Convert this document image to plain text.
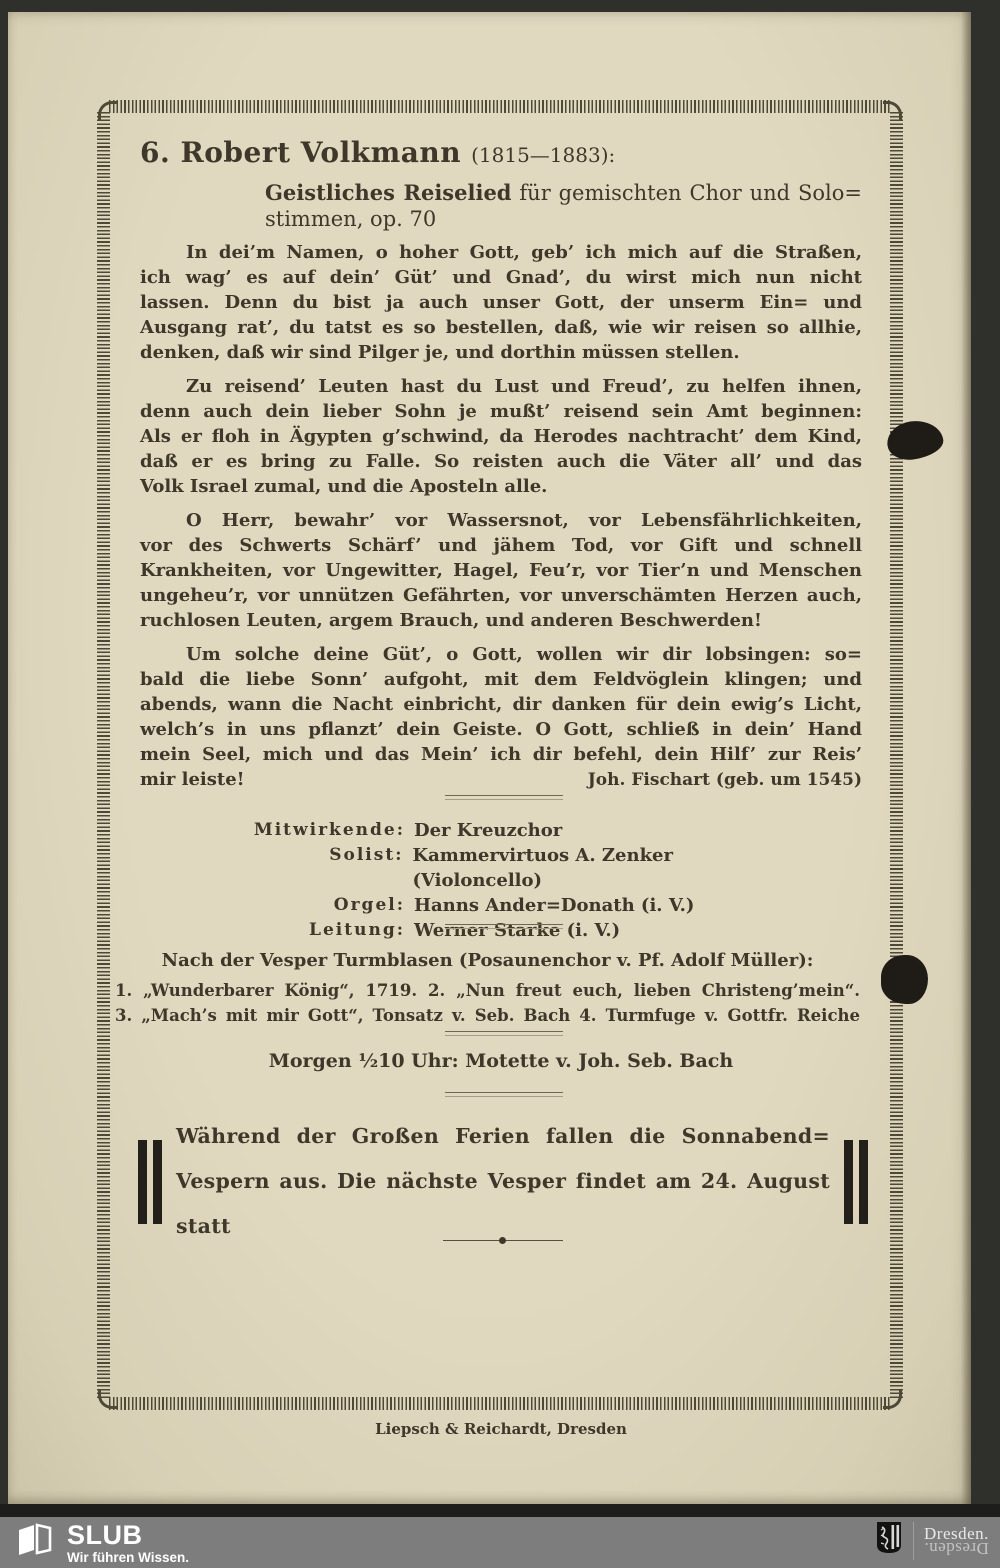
6. Robert Volkmann (1815—1883):
Geistliches Reiselied für gemischten Chor und Solo=
stimmen, op. 70
In dei’m Namen, o hoher Gott, geb’ ich mich auf die Straßen,
ich wag’ es auf dein’ Güt’ und Gnad’, du wirst mich nun nicht
lassen. Denn du bist ja auch unser Gott, der unserm Ein= und
Ausgang rat’, du tatst es so bestellen, daß, wie wir reisen so allhie,
denken, daß wir sind Pilger je, und dorthin müssen stellen.
Zu reisend’ Leuten hast du Lust und Freud’, zu helfen ihnen,
denn auch dein lieber Sohn je mußt’ reisend sein Amt beginnen:
Als er floh in Ägypten g’schwind, da Herodes nachtracht’ dem Kind,
daß er es bring zu Falle. So reisten auch die Väter all’ und das
Volk Israel zumal, und die Aposteln alle.
O Herr, bewahr’ vor Wassersnot, vor Lebensfährlichkeiten,
vor des Schwerts Schärf’ und jähem Tod, vor Gift und schnell
Krankheiten, vor Ungewitter, Hagel, Feu’r, vor Tier’n und Menschen
ungeheu’r, vor unnützen Gefährten, vor unverschämten Herzen auch,
ruchlosen Leuten, argem Brauch, und anderen Beschwerden!
Um solche deine Güt’, o Gott, wollen wir dir lobsingen: so=
bald die liebe Sonn’ aufgoht, mit dem Feldvöglein klingen; und
abends, wann die Nacht einbricht, dir danken für dein ewig’s Licht,
welch’s in uns pflanzt’ dein Geiste. O Gott, schließ in dein’ Hand
mein Seel, mich und das Mein’ ich dir befehl, dein Hilf’ zur Reis’
mir leiste!	Joh. Fischart (geb. um 1545)
Mitwirkende: Der Kreuzchor
Solist: Kammervirtuos A. Zenker (Violoncello)
Orgel: Hanns Ander=Donath (i. V.)
Leitung: Werner Starke (i. V.)
Nach der Vesper Turmblasen (Posaunenchor v. Pf. Adolf Müller):
1. „Wunderbarer König“, 1719. 2. „Nun freut euch, lieben Christeng’mein“.
3. „Mach’s mit mir Gott“, Tonsatz v. Seb. Bach 4. Turmfuge v. Gottfr. Reiche
Morgen ½10 Uhr: Motette v. Joh. Seb. Bach
Während der Großen Ferien fallen die Sonnabend=
Vespern aus. Die nächste Vesper findet am 24. August statt
Liepsch & Reichardt, Dresden
SLUB
Wir führen Wissen.
Dresden.
Dresden.
